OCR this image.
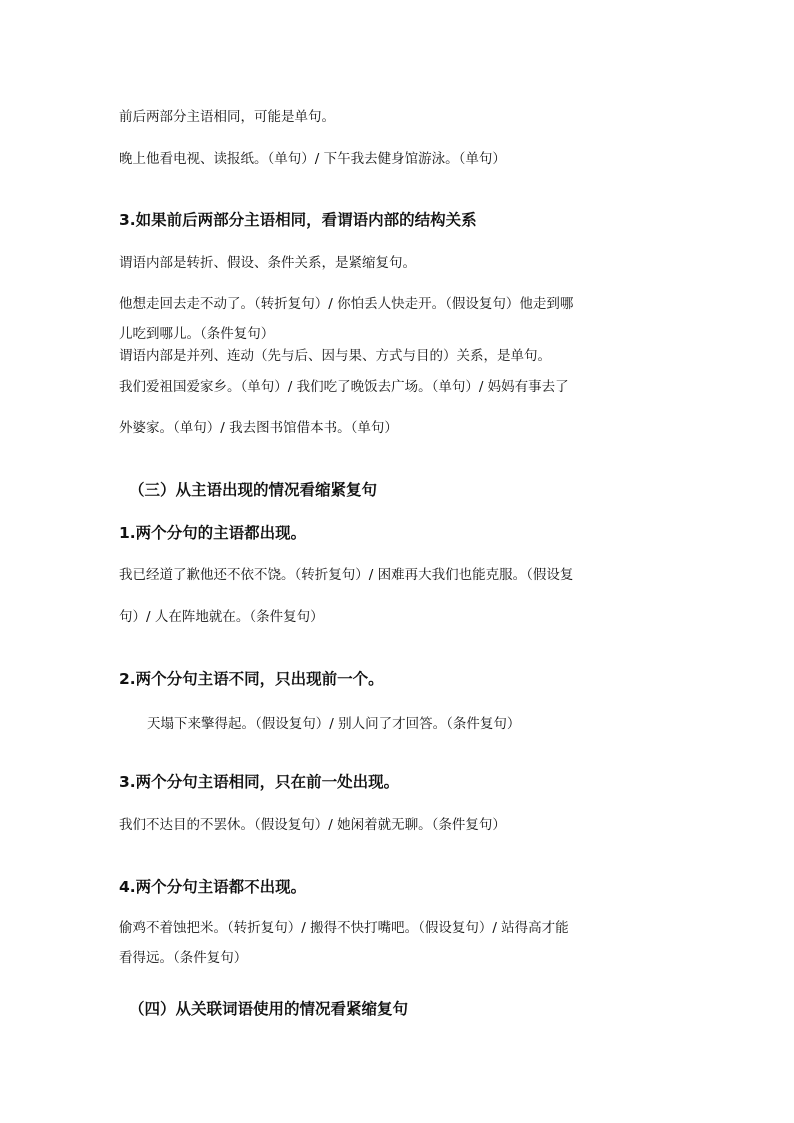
前后两部分主语相同，可能是单句。

晚上他看电视、读报纸。（单句）/ 下午我去健身馆游泳。（单句）

3.如果前后两部分主语相同，看谓语内部的结构关系

谓语内部是转折、假设、条件关系，是紧缩复句。

他想走回去走不动了。（转折复句）/ 你怕丢人快走开。（假设复句）他走到哪

儿吃到哪儿。（条件复句）

谓语内部是并列、连动（先与后、因与果、方式与目的）关系，是单句。

我们爱祖国爱家乡。（单句）/ 我们吃了晚饭去广场。（单句）/ 妈妈有事去了

外婆家。（单句）/ 我去图书馆借本书。（单句）

（三）从主语出现的情况看缩紧复句

1.两个分句的主语都出现。

我已经道了歉他还不依不饶。（转折复句）/ 困难再大我们也能克服。（假设复

句）/ 人在阵地就在。（条件复句）

2.两个分句主语不同，只出现前一个。

天塌下来擎得起。（假设复句）/ 别人问了才回答。（条件复句）

3.两个分句主语相同，只在前一处出现。

我们不达目的不罢休。（假设复句）/ 她闲着就无聊。（条件复句）

4.两个分句主语都不出现。

偷鸡不着蚀把米。（转折复句）/ 搬得不快打嘴吧。（假设复句）/ 站得高才能

看得远。（条件复句）

（四）从关联词语使用的情况看紧缩复句
